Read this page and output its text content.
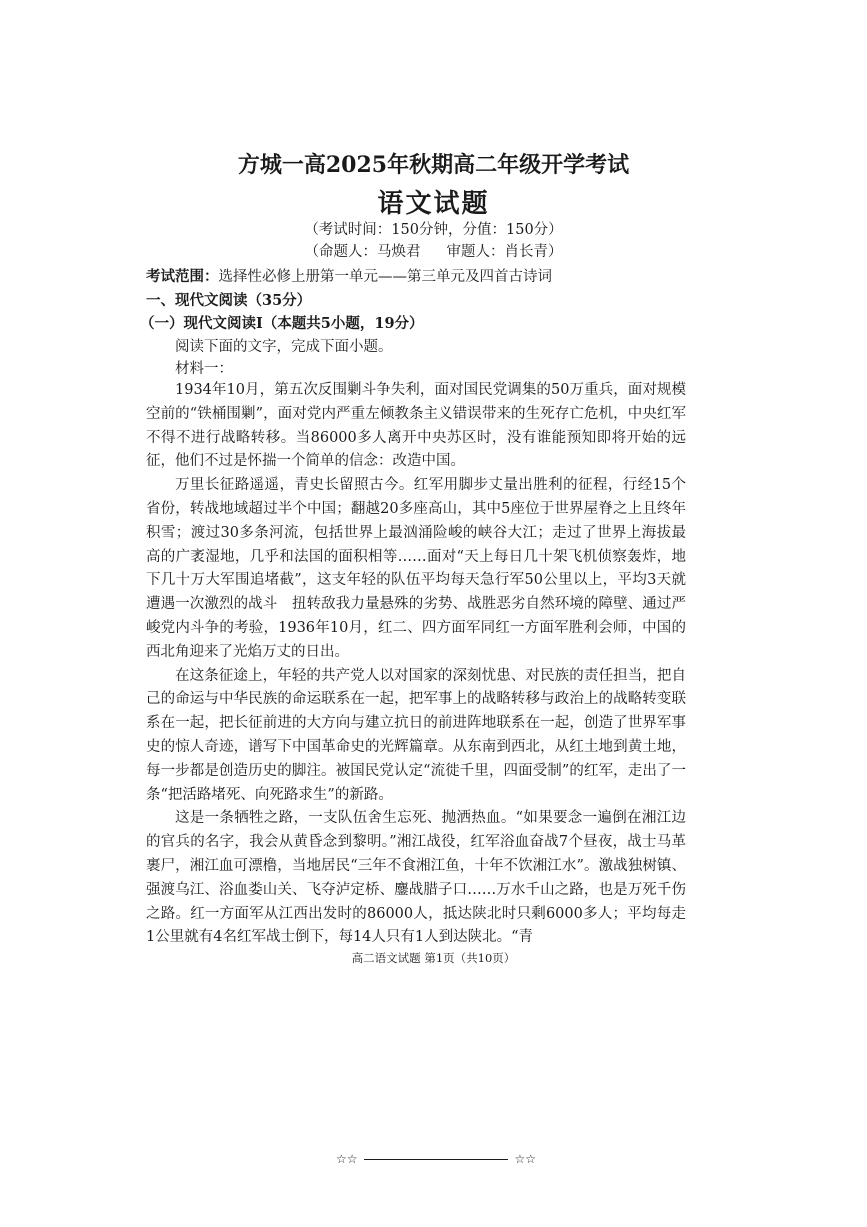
方城一高2025年秋期高二年级开学考试
语文试题
（考试时间：150分钟，分值：150分）
（命题人：马焕君 审题人：肖长青）
考试范围：选择性必修上册第一单元——第三单元及四首古诗词
一、现代文阅读（35分）
（一）现代文阅读Ⅰ（本题共5小题，19分）
阅读下面的文字，完成下面小题。
材料一：

1934年10月，第五次反围剿斗争失利，面对国民党调集的50万重兵，面对规模空前的“铁桶围剿”，面对党内严重左倾教条主义错误带来的生死存亡危机，中央红军不得不进行战略转移。当86000多人离开中央苏区时，没有谁能预知即将开始的远征，他们不过是怀揣一个简单的信念：改造中国。

万里长征路遥遥，青史长留照古今。红军用脚步丈量出胜利的征程，行经15个省份，转战地域超过半个中国；翻越20多座高山，其中5座位于世界屋脊之上且终年积雪；渡过30多条河流，包括世界上最汹涌险峻的峡谷大江；走过了世界上海拔最高的广袤湿地，几乎和法国的面积相等……面对“天上每日几十架飞机侦察轰炸，地下几十万大军围追堵截”，这支年轻的队伍平均每天急行军50公里以上，平均3天就遭遇一次激烈的战斗　扭转敌我力量悬殊的劣势、战胜恶劣自然环境的障壁、通过严峻党内斗争的考验，1936年10月，红二、四方面军同红一方面军胜利会师，中国的西北角迎来了光焰万丈的日出。

在这条征途上，年轻的共产党人以对国家的深刻忧患、对民族的责任担当，把自己的命运与中华民族的命运联系在一起，把军事上的战略转移与政治上的战略转变联系在一起，把长征前进的大方向与建立抗日的前进阵地联系在一起，创造了世界军事史的惊人奇迹，谱写下中国革命史的光辉篇章。从东南到西北，从红土地到黄土地，每一步都是创造历史的脚注。被国民党认定“流徙千里，四面受制”的红军，走出了一条“把活路堵死、向死路求生”的新路。

这是一条牺牲之路，一支队伍舍生忘死、抛洒热血。“如果要念一遍倒在湘江边的官兵的名字，我会从黄昏念到黎明。”湘江战役，红军浴血奋战7个昼夜，战士马革裹尸，湘江血可漂橹，当地居民“三年不食湘江鱼，十年不饮湘江水”。激战独树镇、强渡乌江、浴血娄山关、飞夺泸定桥、鏖战腊子口……万水千山之路，也是万死千伤之路。红一方面军从江西出发时的86000人，抵达陕北时只剩6000多人；平均每走1公里就有4名红军战士倒下，每14人只有1人到达陕北。“青

高二语文试题 第1页（共10页）
☆☆	☆☆
